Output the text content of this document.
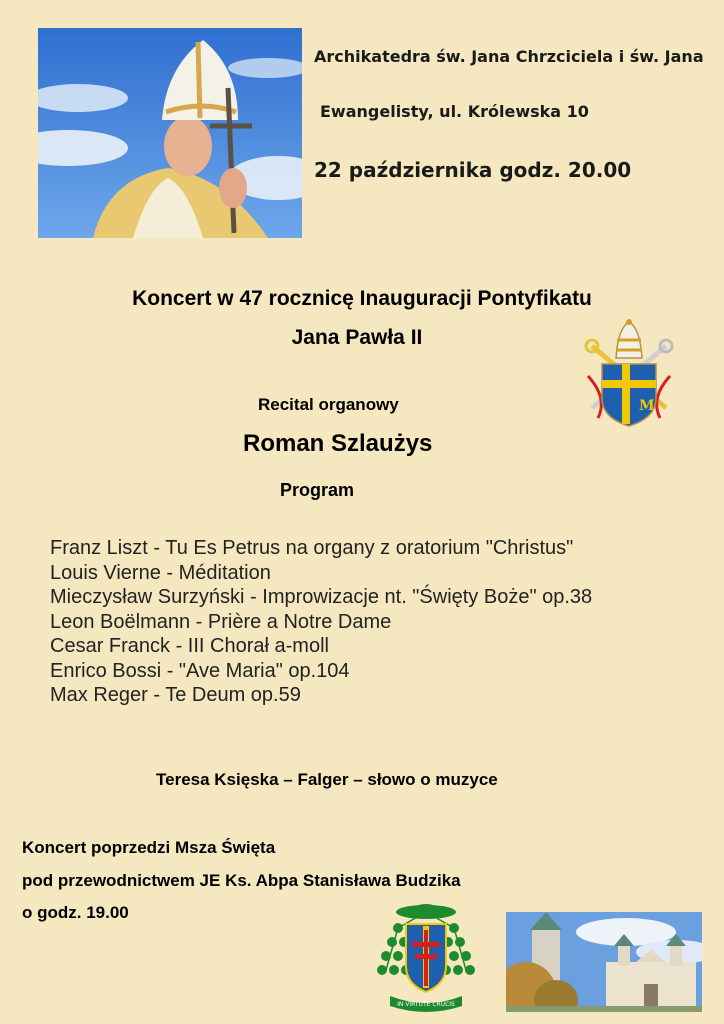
Archikatedra św. Jana Chrzciciela i św. Jana
Ewangelisty, ul. Królewska 10
22 października godz. 20.00
Koncert w 47 rocznicę Inauguracji Pontyfikatu
Jana Pawła II
M
Recital organowy
Roman Szlaużys
Program
Franz Liszt - Tu Es Petrus na organy z oratorium "Christus"
Louis Vierne - Méditation
Mieczysław Surzyński - Improwizacje nt. "Święty Boże" op.38
Leon Boëlmann - Prière a Notre Dame
Cesar Franck - III Chorał a-moll
Enrico Bossi - "Ave Maria" op.104
Max Reger - Te Deum op.59
Teresa Księska – Falger – słowo o muzyce
Koncert poprzedzi Msza Święta
pod przewodnictwem JE Ks. Abpa Stanisława Budzika
o godz. 19.00
IN VIRTUTE CRUCIS
